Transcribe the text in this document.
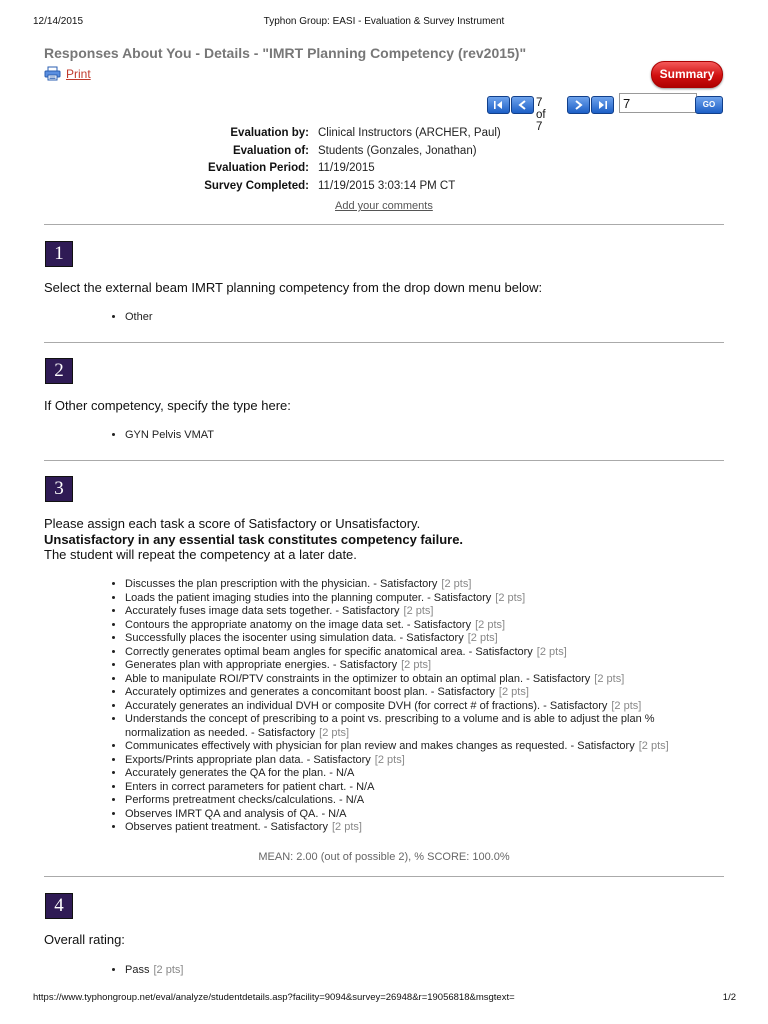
12/14/2015	Typhon Group: EASI - Evaluation & Survey Instrument
Responses About You - Details - "IMRT Planning Competency (rev2015)"
Print	Summary
7 of 7
7
GO
Evaluation by: Clinical Instructors (ARCHER, Paul)
Evaluation of: Students (Gonzales, Jonathan)
Evaluation Period: 11/19/2015
Survey Completed: 11/19/2015 3:03:14 PM CT
Add your comments
1
Select the external beam IMRT planning competency from the drop down menu below:
• Other
2
If Other competency, specify the type here:
• GYN Pelvis VMAT
3
Please assign each task a score of Satisfactory or Unsatisfactory.
Unsatisfactory in any essential task constitutes competency failure.
The student will repeat the competency at a later date.
• Discusses the plan prescription with the physician. - Satisfactory [2 pts]
• Loads the patient imaging studies into the planning computer. - Satisfactory [2 pts]
• Accurately fuses image data sets together. - Satisfactory [2 pts]
• Contours the appropriate anatomy on the image data set. - Satisfactory [2 pts]
• Successfully places the isocenter using simulation data. - Satisfactory [2 pts]
• Correctly generates optimal beam angles for specific anatomical area. - Satisfactory [2 pts]
• Generates plan with appropriate energies. - Satisfactory [2 pts]
• Able to manipulate ROI/PTV constraints in the optimizer to obtain an optimal plan. - Satisfactory [2 pts]
• Accurately optimizes and generates a concomitant boost plan. - Satisfactory [2 pts]
• Accurately generates an individual DVH or composite DVH (for correct # of fractions). - Satisfactory [2 pts]
• Understands the concept of prescribing to a point vs. prescribing to a volume and is able to adjust the plan % normalization as needed. - Satisfactory [2 pts]
• Communicates effectively with physician for plan review and makes changes as requested. - Satisfactory [2 pts]
• Exports/Prints appropriate plan data. - Satisfactory [2 pts]
• Accurately generates the QA for the plan. - N/A
• Enters in correct parameters for patient chart. - N/A
• Performs pretreatment checks/calculations. - N/A
• Observes IMRT QA and analysis of QA. - N/A
• Observes patient treatment. - Satisfactory [2 pts]
MEAN: 2.00 (out of possible 2), % SCORE: 100.0%
4
Overall rating:
• Pass [2 pts]
https://www.typhongroup.net/eval/analyze/studentdetails.asp?facility=9094&survey=26948&r=19056818&msgtext=	1/2
